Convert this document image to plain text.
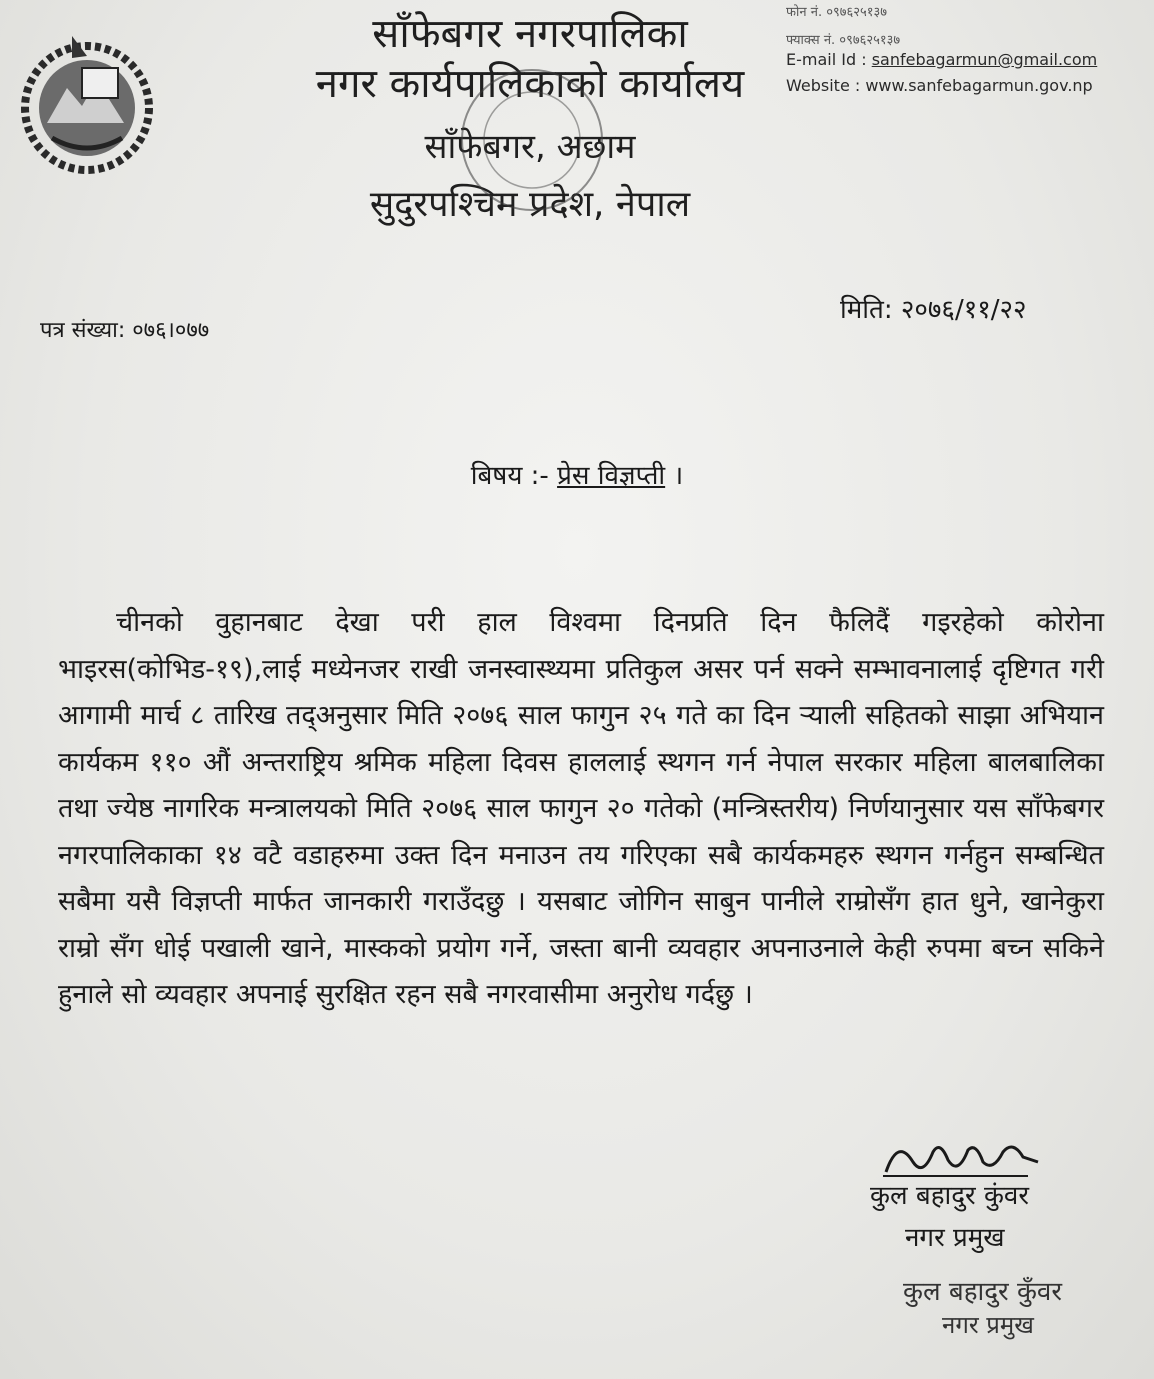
साँफेबगर नगरपालिका
नगर कार्यपालिकाको कार्यालय
साँफेबगर, अछाम
सुदुरपश्चिम प्रदेश, नेपाल
फोन नं. ०९७६२५१३७
फ्याक्स नं. ०९७६२५१३७
E-mail Id : sanfebagarmun@gmail.com
Website : www.sanfebagarmun.gov.np
मिति: २०७६/११/२२
पत्र संख्या: ०७६।०७७
बिषय :- प्रेस विज्ञप्ती ।
चीनको वुहानबाट देखा परी हाल विश्वमा दिनप्रति दिन फैलिदैं गइरहेको कोरोना भाइरस(कोभिड-१९),लाई मध्येनजर राखी जनस्वास्थ्यमा प्रतिकुल असर पर्न सक्ने सम्भावनालाई दृष्टिगत गरी आगामी मार्च ८ तारिख तद्अनुसार मिति २०७६ साल फागुन २५ गते का दिन र्‍याली सहितको साझा अभियान कार्यकम ११० औं अन्तराष्ट्रिय श्रमिक महिला दिवस हाललाई स्थगन गर्न नेपाल सरकार महिला बालबालिका तथा ज्येष्ठ नागरिक मन्त्रालयको मिति २०७६ साल फागुन २० गतेको (मन्त्रिस्तरीय) निर्णयानुसार यस साँफेबगर नगरपालिकाका १४ वटै वडाहरुमा उक्त दिन मनाउन तय गरिएका सबै कार्यकमहरु स्थगन गर्नहुन सम्बन्धित सबैमा यसै विज्ञप्ती मार्फत जानकारी गराउँदछु । यसबाट जोगिन साबुन पानीले राम्रोसँग हात धुने, खानेकुरा राम्रो सँग धोई पखाली खाने, मास्कको प्रयोग गर्ने, जस्ता बानी व्यवहार अपनाउनाले केही रुपमा बच्न सकिने हुनाले सो व्यवहार अपनाई सुरक्षित रहन सबै नगरवासीमा अनुरोध गर्दछु ।
कुल बहादुर कुंवर
नगर प्रमुख
कुल बहादुर कुँवर
नगर प्रमुख
